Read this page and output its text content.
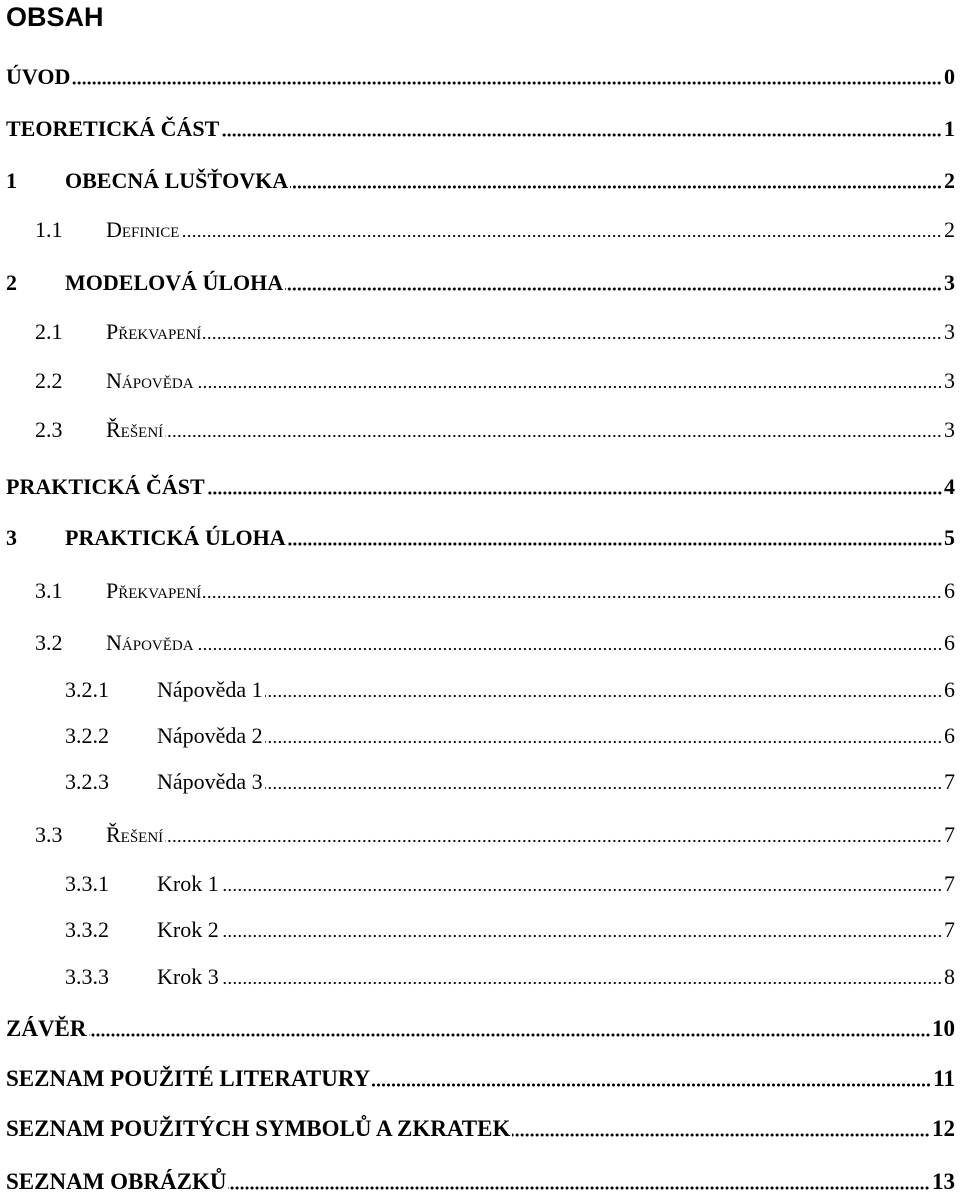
OBSAH
ÚVOD	0
TEORETICKÁ ČÁST	1
1	OBECNÁ LUŠŤOVKA	2
1.1	Definice	2
2	MODELOVÁ ÚLOHA	3
2.1	Překvapení	3
2.2	Nápověda	3
2.3	Řešení	3
PRAKTICKÁ ČÁST	4
3	PRAKTICKÁ ÚLOHA	5
3.1	Překvapení	6
3.2	Nápověda	6
3.2.1	Nápověda 1	6
3.2.2	Nápověda 2	6
3.2.3	Nápověda 3	7
3.3	Řešení	7
3.3.1	Krok 1	7
3.3.2	Krok 2	7
3.3.3	Krok 3	8
ZÁVĚR	10
SEZNAM POUŽITÉ LITERATURY	11
SEZNAM POUŽITÝCH SYMBOLŮ A ZKRATEK	12
SEZNAM OBRÁZKŮ	13
